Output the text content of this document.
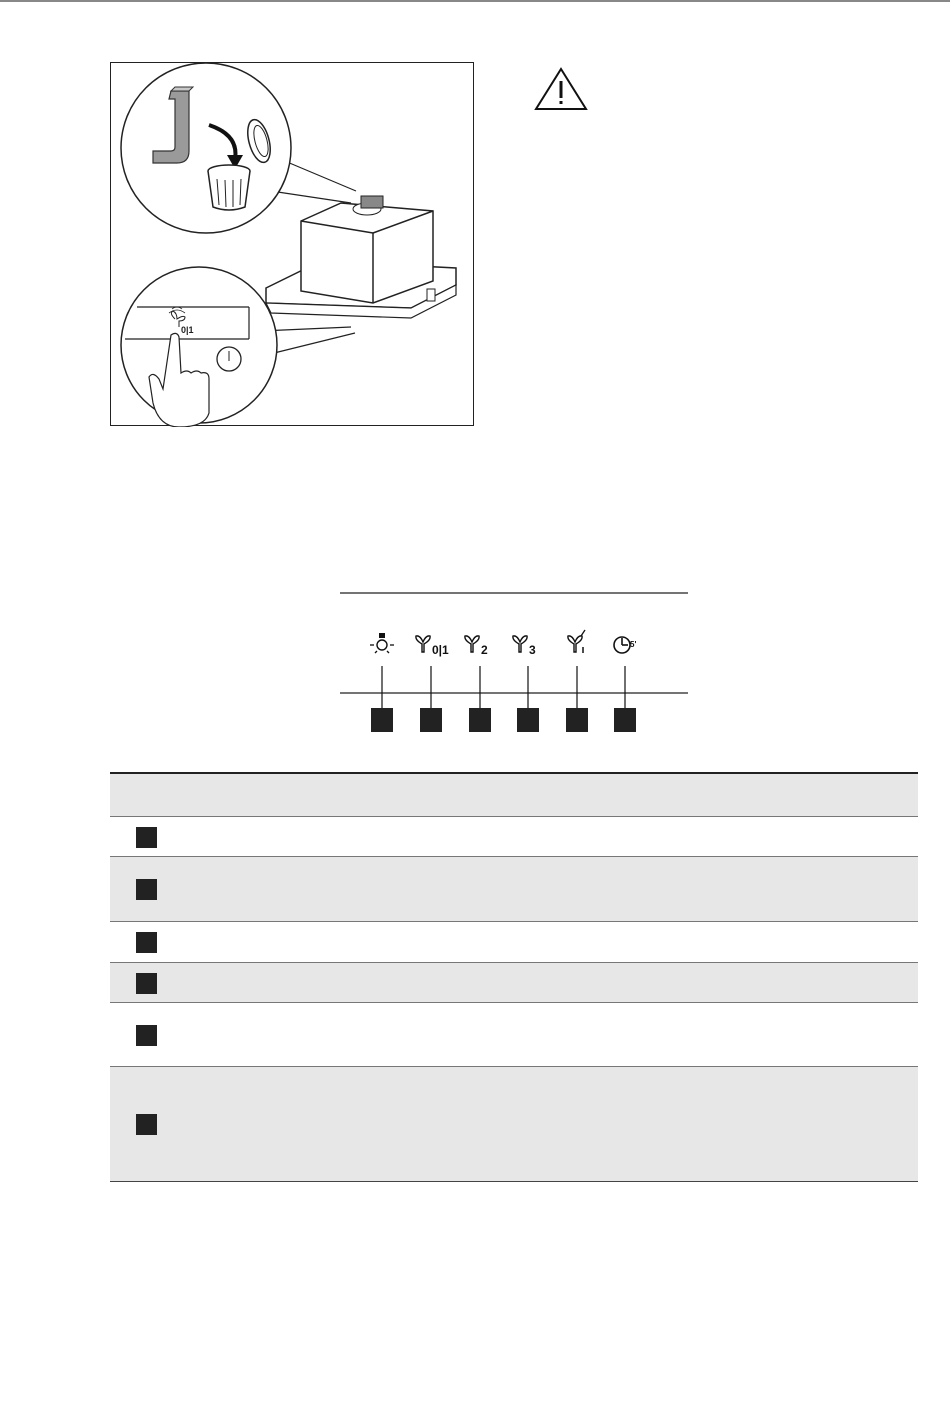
0|1
0|1	2	3	5'
